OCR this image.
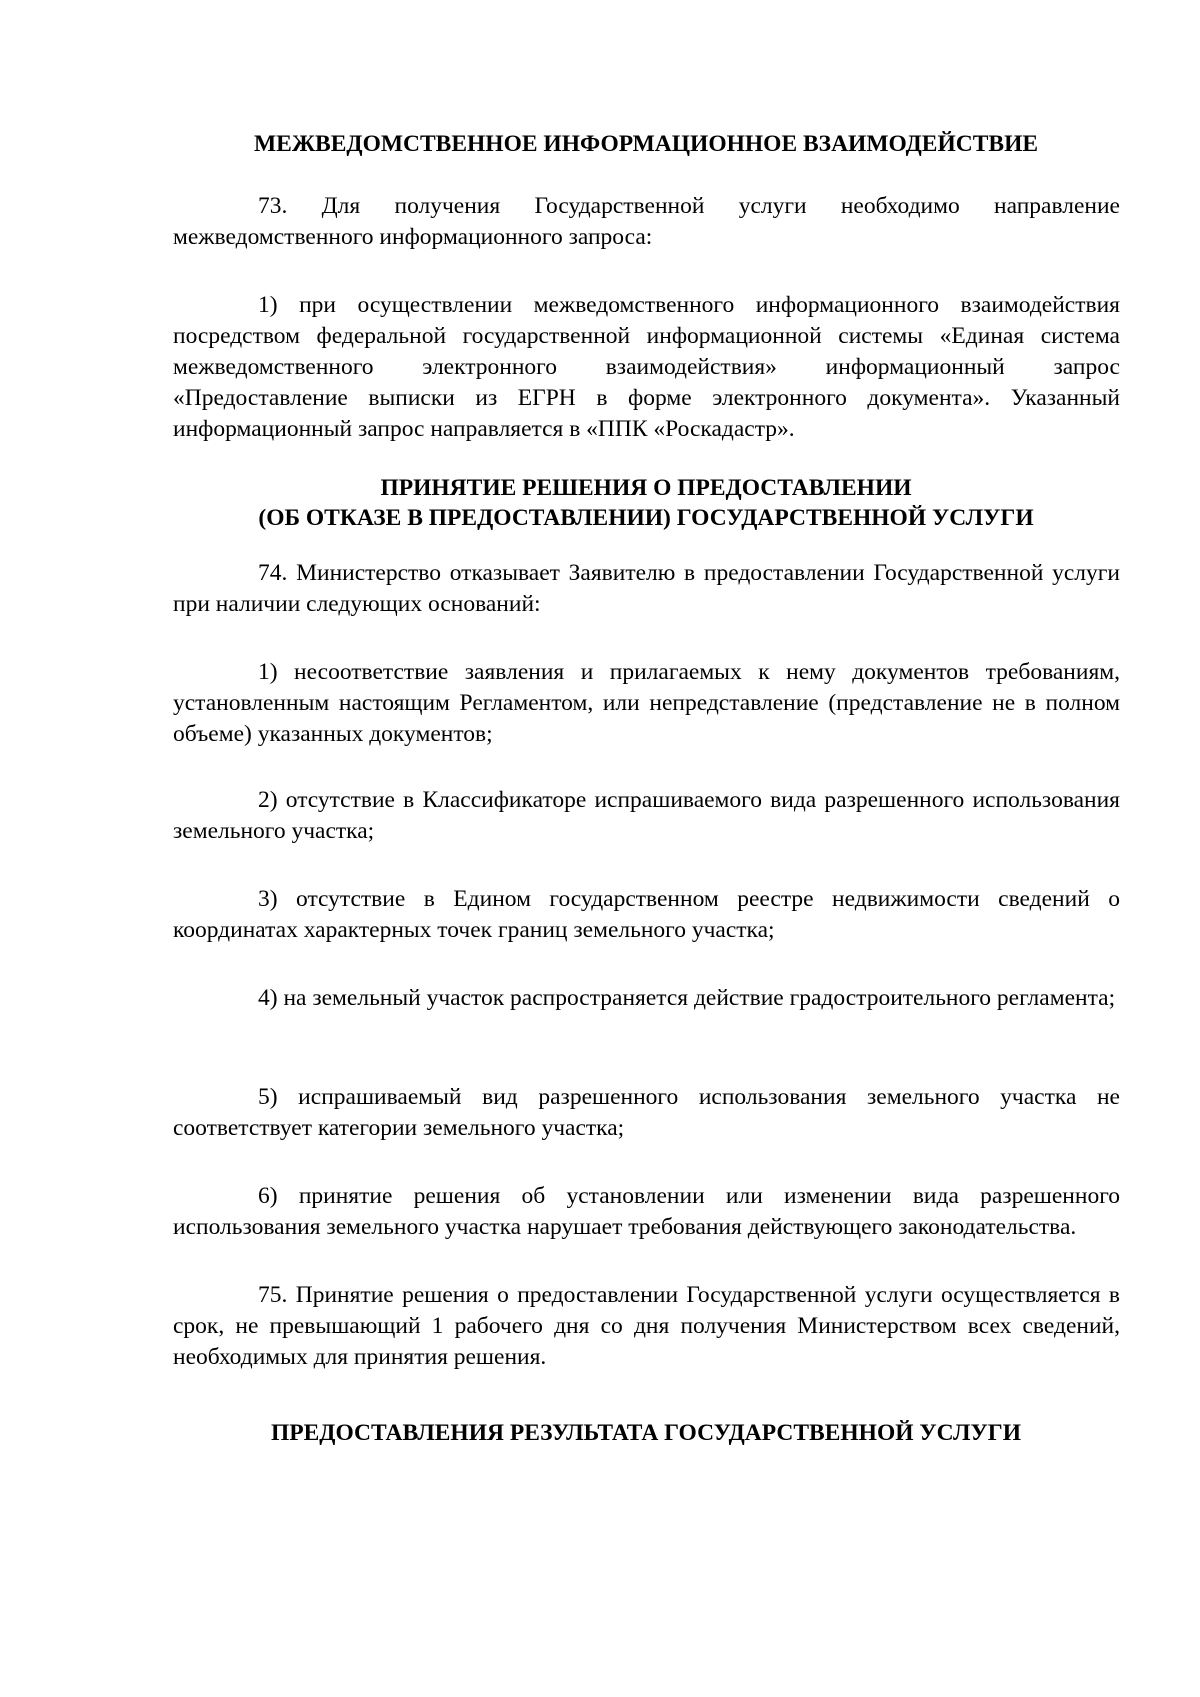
МЕЖВЕДОМСТВЕННОЕ ИНФОРМАЦИОННОЕ ВЗАИМОДЕЙСТВИЕ

73. Для получения Государственной услуги необходимо направление межведомственного информационного запроса:

1) при осуществлении межведомственного информационного взаимодействия посредством федеральной государственной информационной системы «Единая система межведомственного электронного взаимодействия» информационный запрос «Предоставление выписки из ЕГРН в форме электронного документа». Указанный информационный запрос направляется в «ППК «Роскадастр».

ПРИНЯТИЕ РЕШЕНИЯ О ПРЕДОСТАВЛЕНИИ

(ОБ ОТКАЗЕ В ПРЕДОСТАВЛЕНИИ) ГОСУДАРСТВЕННОЙ УСЛУГИ

74. Министерство отказывает Заявителю в предоставлении Государственной услуги при наличии следующих оснований:

1) несоответствие заявления и прилагаемых к нему документов требованиям, установленным настоящим Регламентом, или непредставление (представление не в полном объеме) указанных документов;

2) отсутствие в Классификаторе испрашиваемого вида разрешенного использования земельного участка;

3) отсутствие в Едином государственном реестре недвижимости сведений о координатах характерных точек границ земельного участка;

4) на земельный участок распространяется действие градостроительного регламента;

5) испрашиваемый вид разрешенного использования земельного участка не соответствует категории земельного участка;

6) принятие решения об установлении или изменении вида разрешенного использования земельного участка нарушает требования действующего законодательства.

75. Принятие решения о предоставлении Государственной услуги осуществляется в срок, не превышающий 1 рабочего дня со дня получения Министерством всех сведений, необходимых для принятия решения.

ПРЕДОСТАВЛЕНИЯ РЕЗУЛЬТАТА ГОСУДАРСТВЕННОЙ УСЛУГИ
